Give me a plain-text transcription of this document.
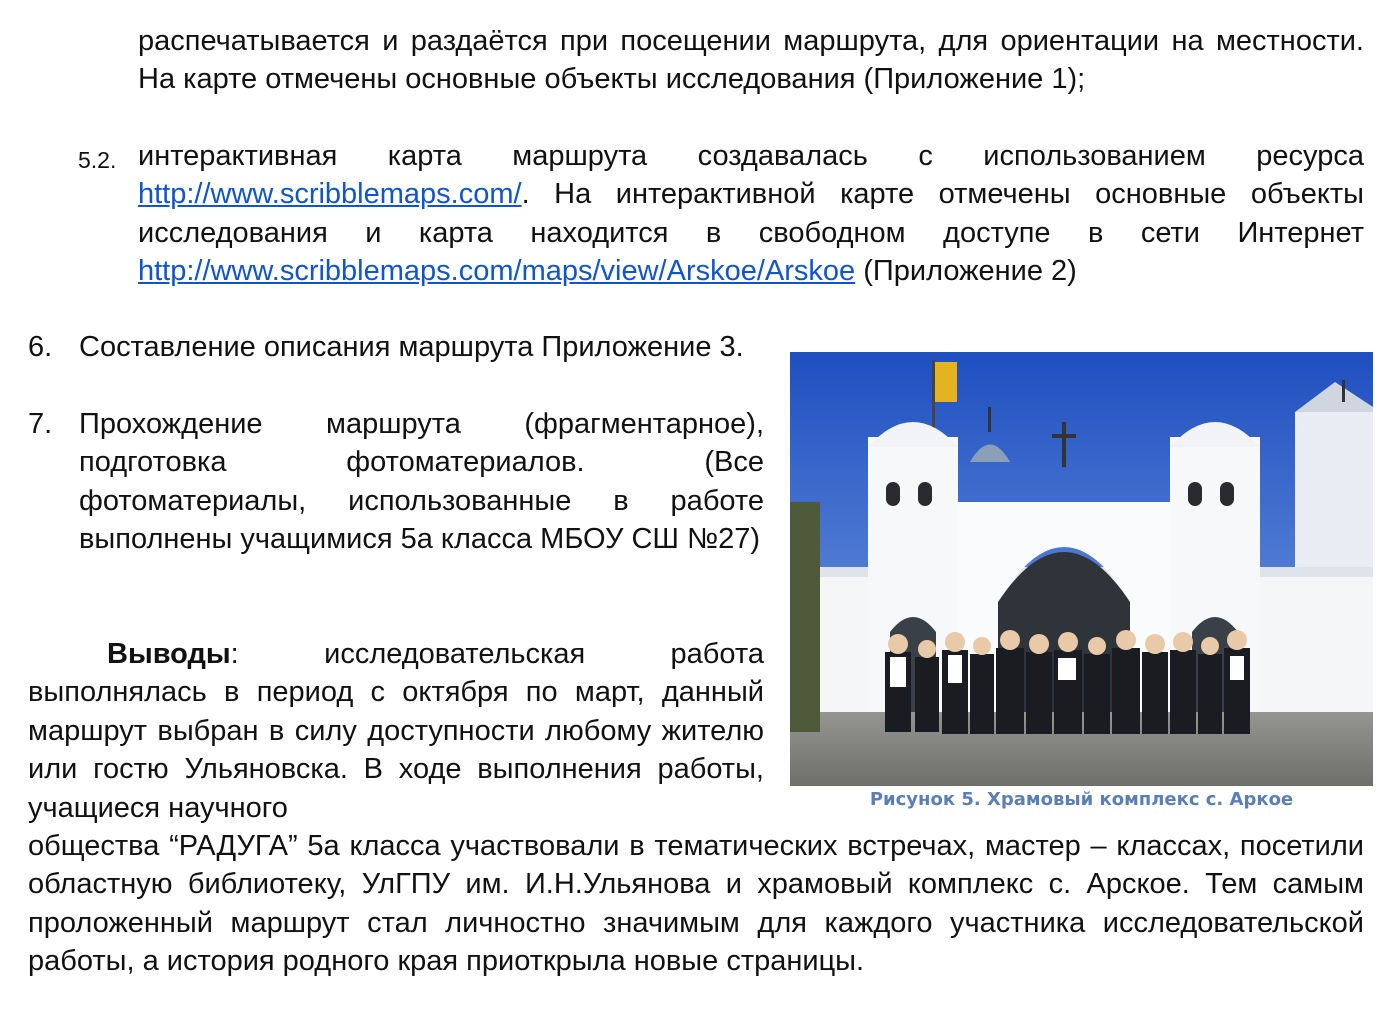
распечатывается и раздаётся при посещении маршрута, для ориентации на местности. На карте отмечены основные объекты исследования (Приложение 1);
5.2. интерактивная карта маршрута создавалась с использованием ресурса http://www.scribblemaps.com/. На интерактивной карте отмечены основные объекты исследования и карта находится в свободном доступе в сети Интернет http://www.scribblemaps.com/maps/view/Arskoe/Arskoe (Приложение 2)
6. Составление описания маршрута Приложение 3.
7. Прохождение маршрута (фрагментарное), подготовка фотоматериалов. (Все фотоматериалы, использованные в работе выполнены учащимися 5а класса МБОУ СШ №27)
Выводы: исследовательская работа выполнялась в период с октября по март, данный маршрут выбран в силу доступности любому жителю или гостю Ульяновска. В ходе выполнения работы, учащиеся научного
общества “РАДУГА” 5а класса участвовали в тематических встречах, мастер – классах, посетили областную библиотеку, УлГПУ им. И.Н.Ульянова и храмовый комплекс с. Арское. Тем самым проложенный маршрут стал личностно значимым для каждого участника исследовательской работы, а история родного края приоткрыла новые страницы.
Рисунок 5. Храмовый комплекс с. Аркое
